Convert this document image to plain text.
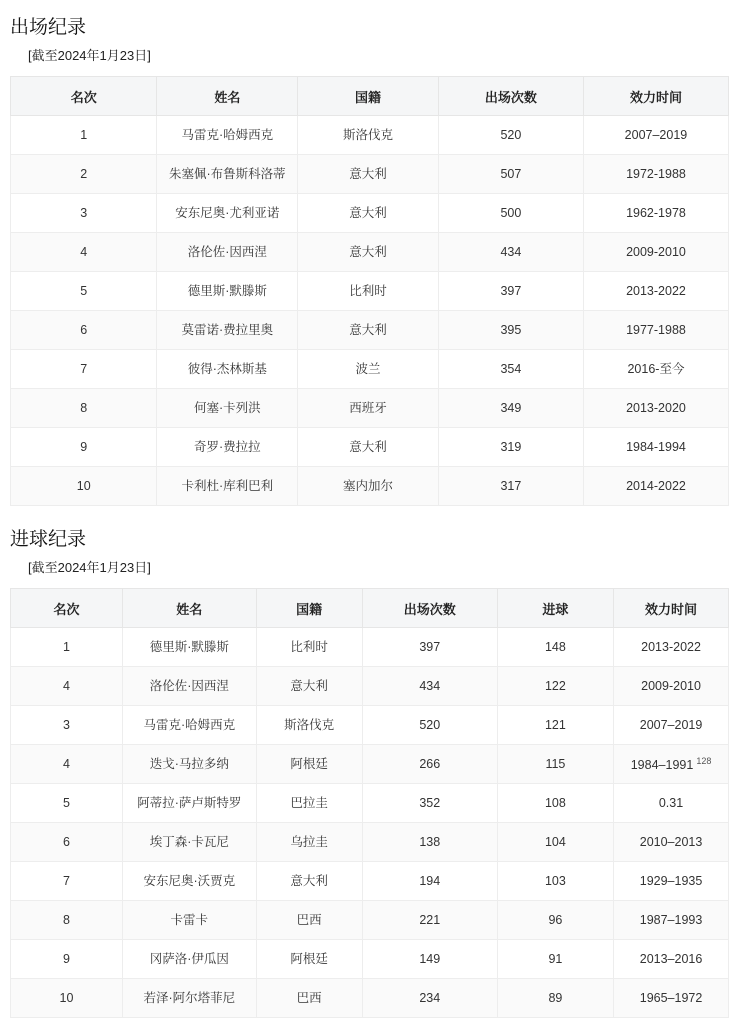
出场纪录
[截至2024年1月23日]
名次	姓名	国籍	出场次数	效力时间
1	马雷克·哈姆西克	斯洛伐克	520	2007–2019
2	朱塞佩·布鲁斯科洛蒂	意大利	507	1972-1988
3	安东尼奥·尤利亚诺	意大利	500	1962-1978
4	洛伦佐·因西涅	意大利	434	2009-2010
5	德里斯·默滕斯	比利时	397	2013-2022
6	莫雷诺·费拉里奥	意大利	395	1977-1988
7	彼得·杰林斯基	波兰	354	2016-至今
8	何塞·卡列洪	西班牙	349	2013-2020
9	奇罗·费拉拉	意大利	319	1984-1994
10	卡利杜·库利巴利	塞内加尔	317	2014-2022
进球纪录
[截至2024年1月23日]
名次	姓名	国籍	出场次数	进球	效力时间
1	德里斯·默滕斯	比利时	397	148	2013-2022
4	洛伦佐·因西涅	意大利	434	122	2009-2010
3	马雷克·哈姆西克	斯洛伐克	520	121	2007–2019
4	迭戈·马拉多纳	阿根廷	266	115	1984–1991 $^{128}$

5	阿蒂拉·萨卢斯特罗	巴拉圭	352	108	0.31
6	埃丁森·卡瓦尼	乌拉圭	138	104	2010–2013
7	安东尼奥·沃贾克	意大利	194	103	1929–1935
8	卡雷卡	巴西	221	96	1987–1993
9	冈萨洛·伊瓜因	阿根廷	149	91	2013–2016
10	若泽·阿尔塔菲尼	巴西	234	89	1965–1972
